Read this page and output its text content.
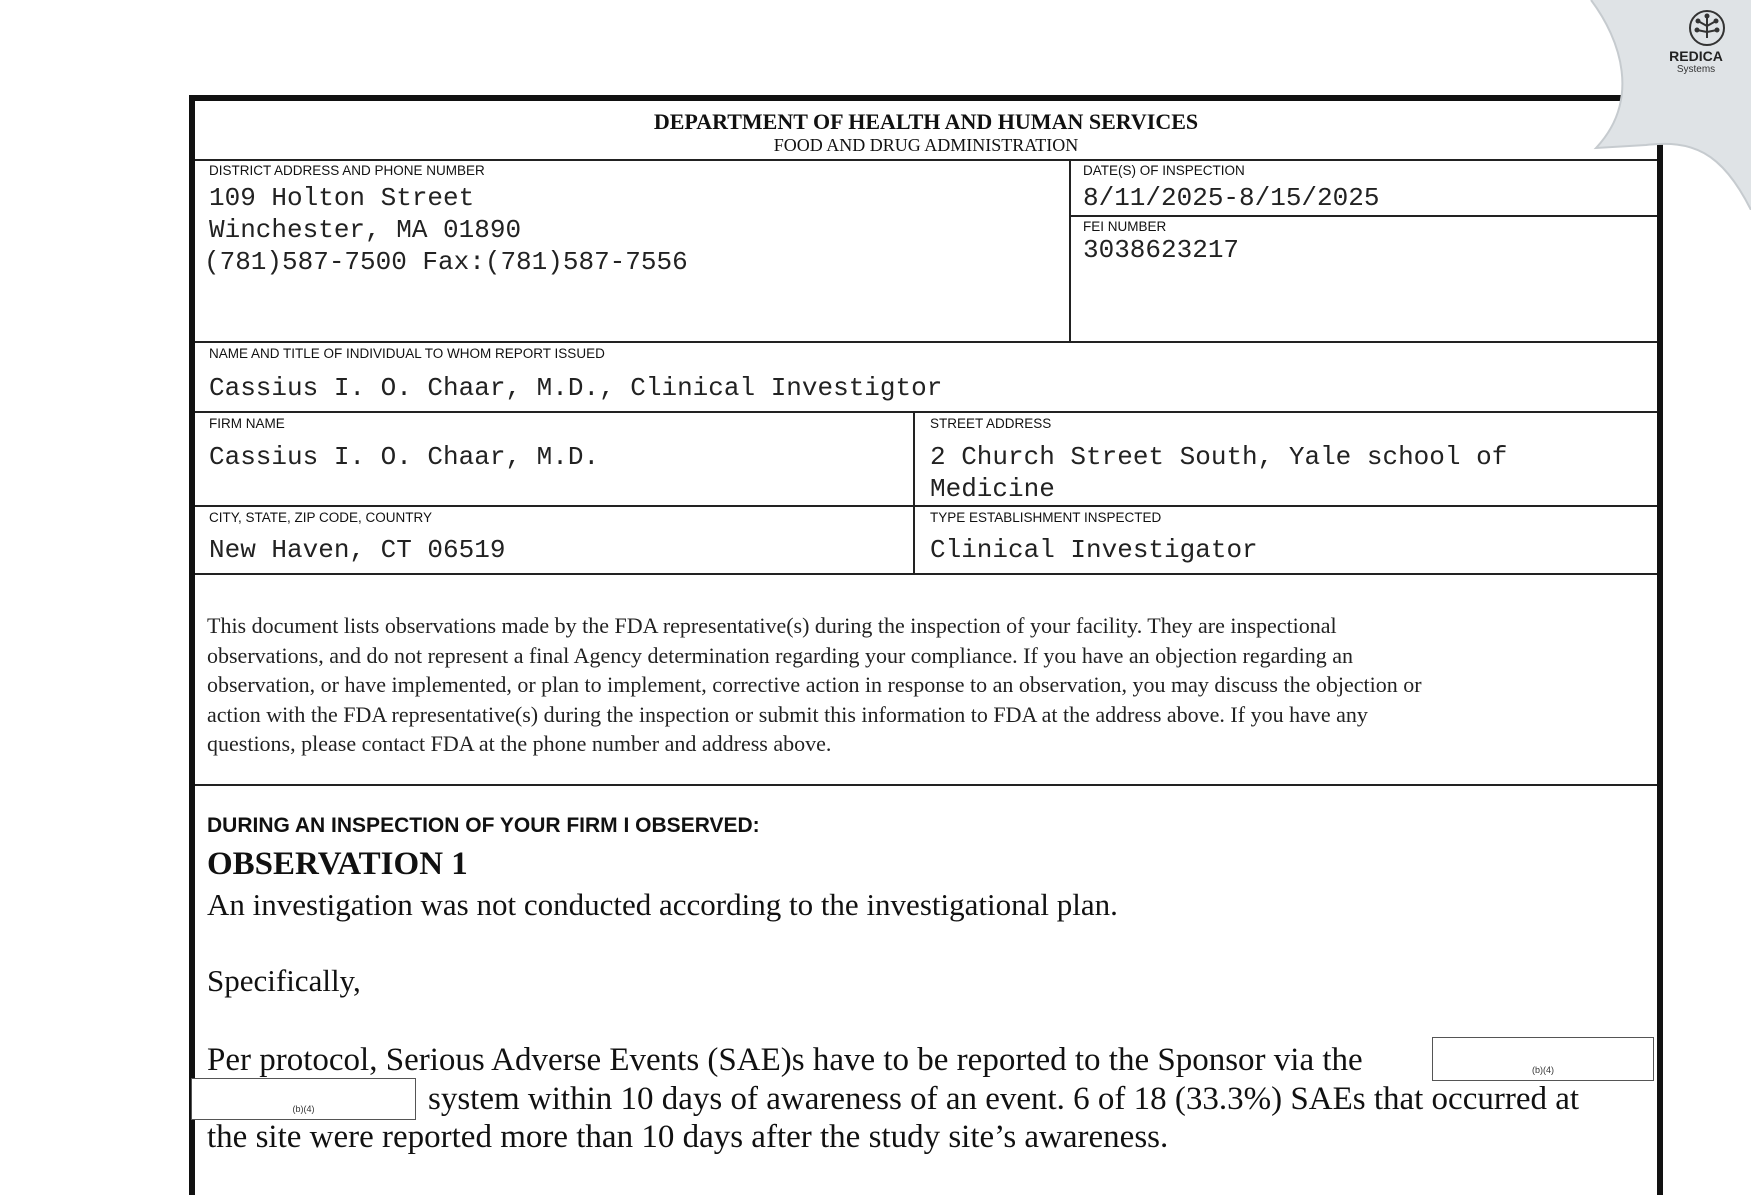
DEPARTMENT OF HEALTH AND HUMAN SERVICES
FOOD AND DRUG ADMINISTRATION
DISTRICT ADDRESS AND PHONE NUMBER
109 Holton Street
Winchester, MA 01890
(781)587-7500 Fax:(781)587-7556
DATE(S) OF INSPECTION
8/11/2025-8/15/2025
FEI NUMBER
3038623217
NAME AND TITLE OF INDIVIDUAL TO WHOM REPORT ISSUED
Cassius I. O. Chaar, M.D., Clinical Investigtor
FIRM NAME
Cassius I. O. Chaar, M.D.
STREET ADDRESS
2 Church Street South, Yale school of
Medicine
CITY, STATE, ZIP CODE, COUNTRY
New Haven, CT 06519
TYPE ESTABLISHMENT INSPECTED
Clinical Investigator
This document lists observations made by the FDA representative(s) during the inspection of your facility. They are inspectional
observations, and do not represent a final Agency determination regarding your compliance. If you have an objection regarding an
observation, or have implemented, or plan to implement, corrective action in response to an observation, you may discuss the objection or
action with the FDA representative(s) during the inspection or submit this information to FDA at the address above. If you have any
questions, please contact FDA at the phone number and address above.
DURING AN INSPECTION OF YOUR FIRM I OBSERVED:
OBSERVATION 1
An investigation was not conducted according to the investigational plan.
Specifically,
Per protocol, Serious Adverse Events (SAE)s have to be reported to the Sponsor via the	(b)(4)
(b)(4)	system within 10 days of awareness of an event. 6 of 18 (33.3%) SAEs that occurred at
the site were reported more than 10 days after the study site’s awareness.
REDICA
Systems
